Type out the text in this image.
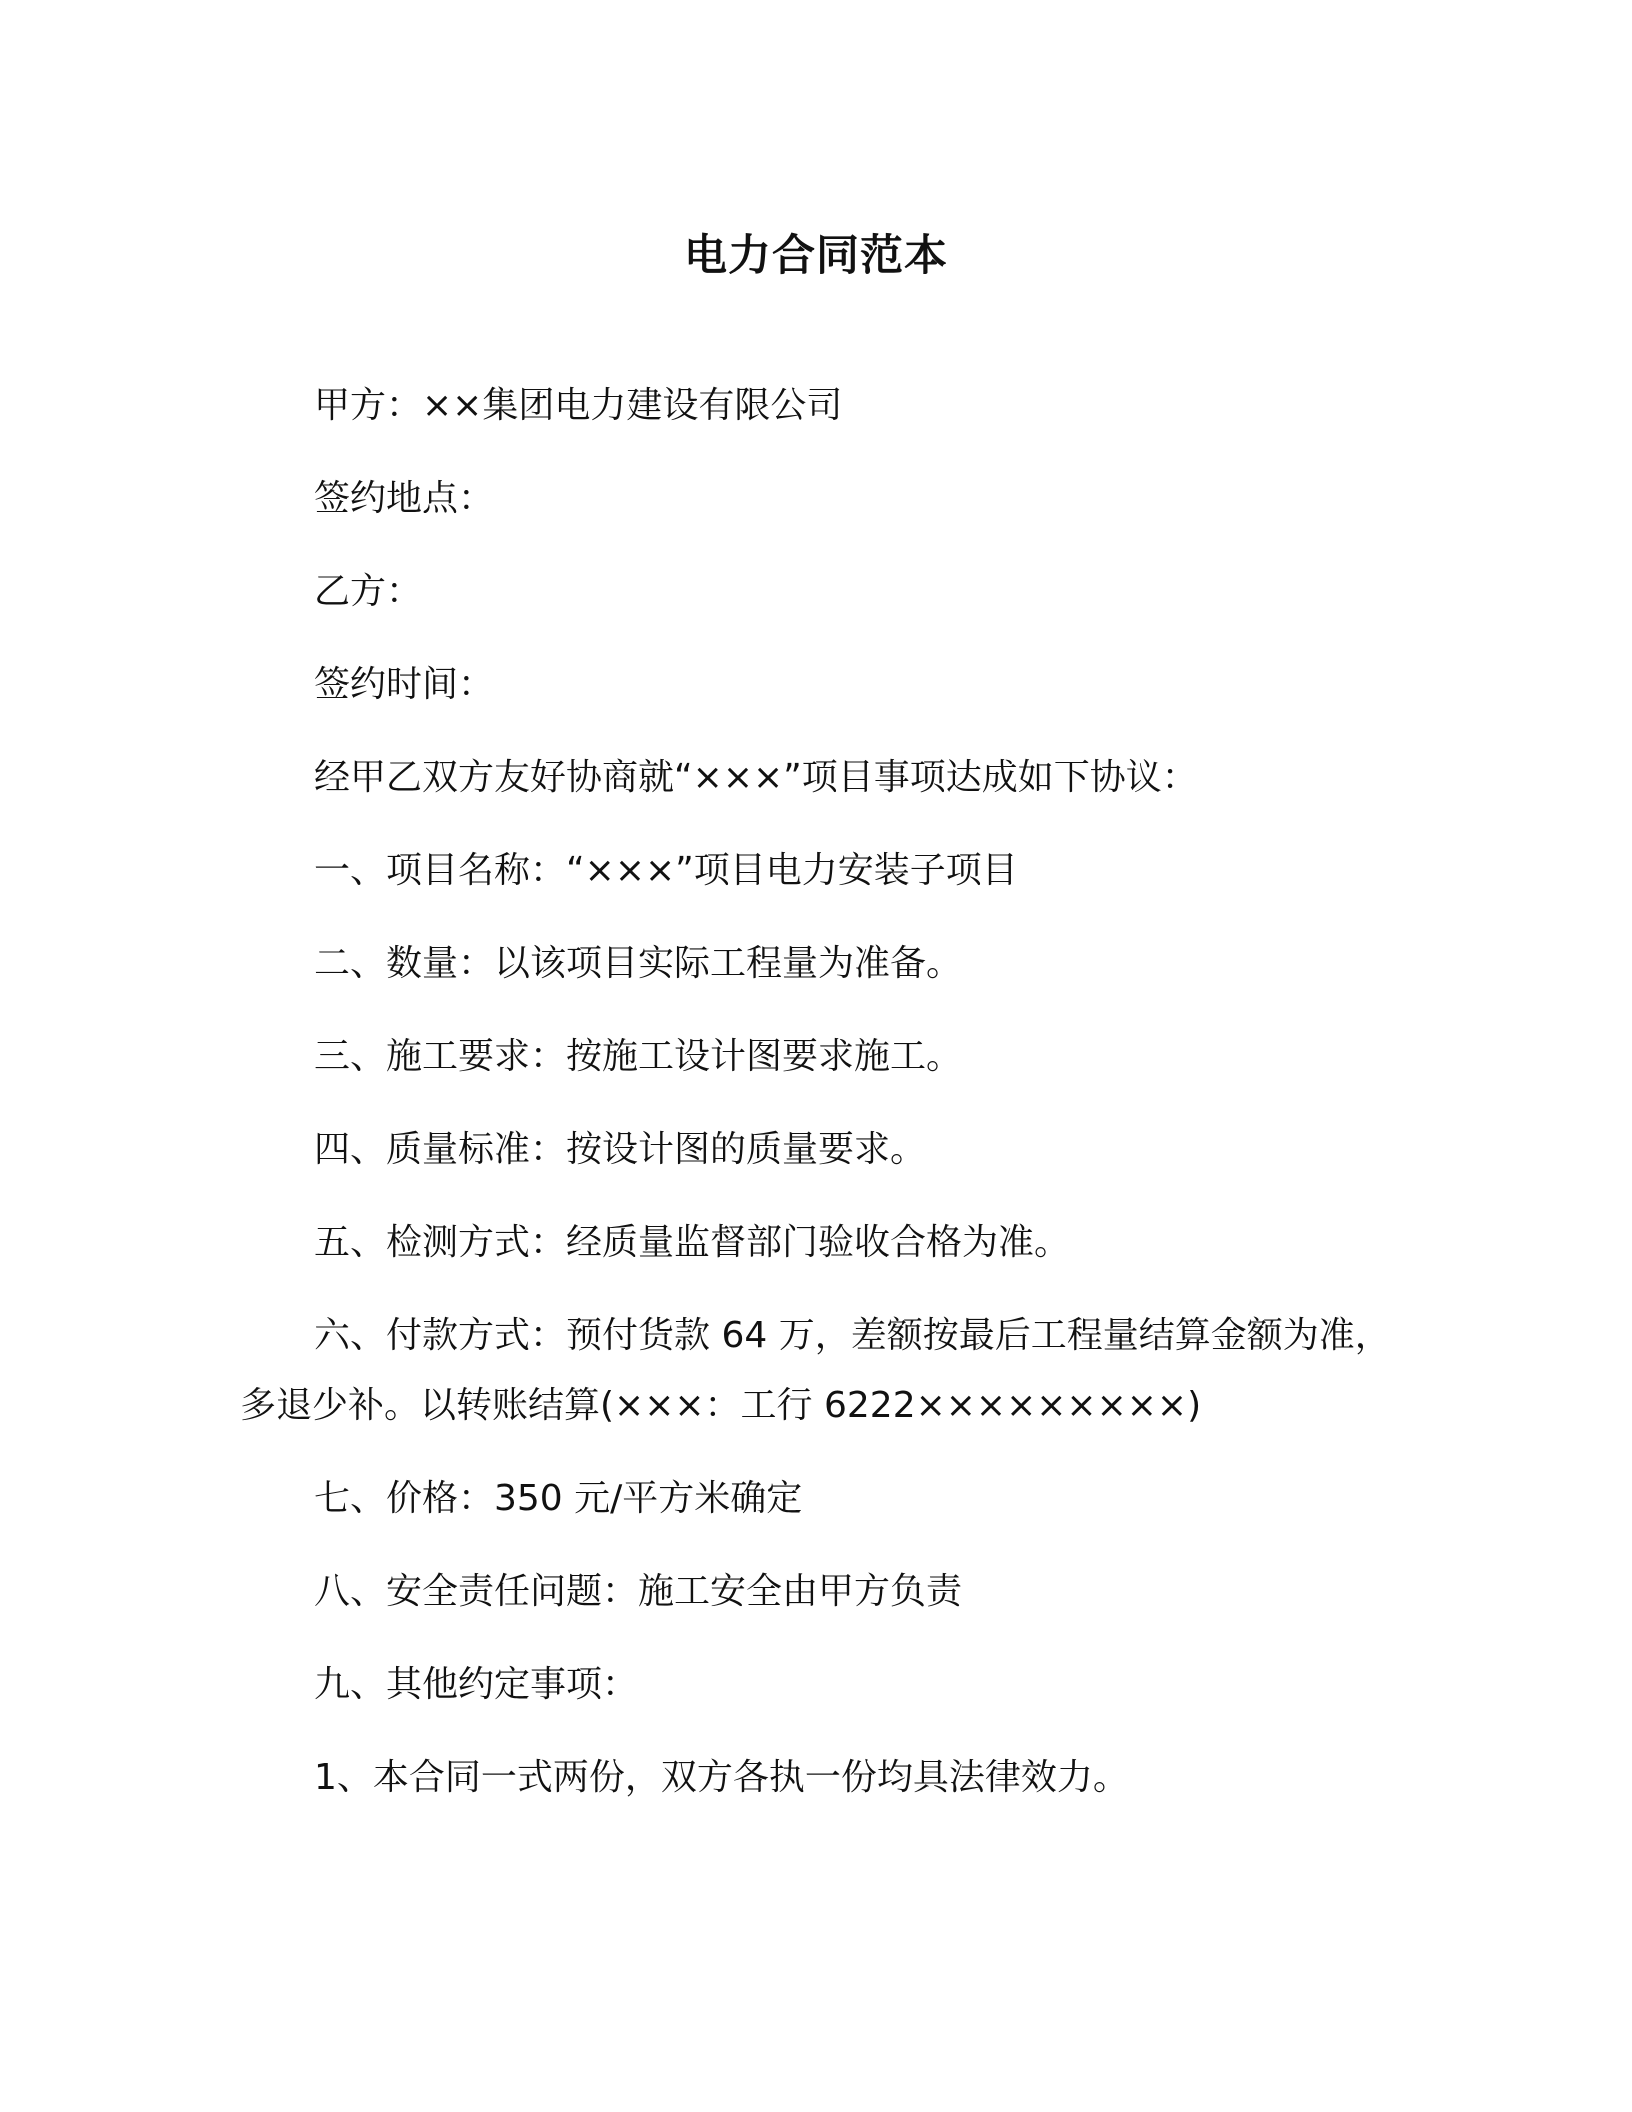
电力合同范本

甲方：××集团电力建设有限公司

签约地点：

乙方：

签约时间：

经甲乙双方友好协商就“×××”项目事项达成如下协议：

一、项目名称：“×××”项目电力安装子项目

二、数量：以该项目实际工程量为准备。

三、施工要求：按施工设计图要求施工。

四、质量标准：按设计图的质量要求。

五、检测方式：经质量监督部门验收合格为准。

六、付款方式：预付货款 64 万，差额按最后工程量结算金额为准，

多退少补。以转账结算(×××：工行 6222×××××××××)

七、价格：350 元/平方米确定

八、安全责任问题：施工安全由甲方负责

九、其他约定事项：

1、本合同一式两份，双方各执一份均具法律效力。
